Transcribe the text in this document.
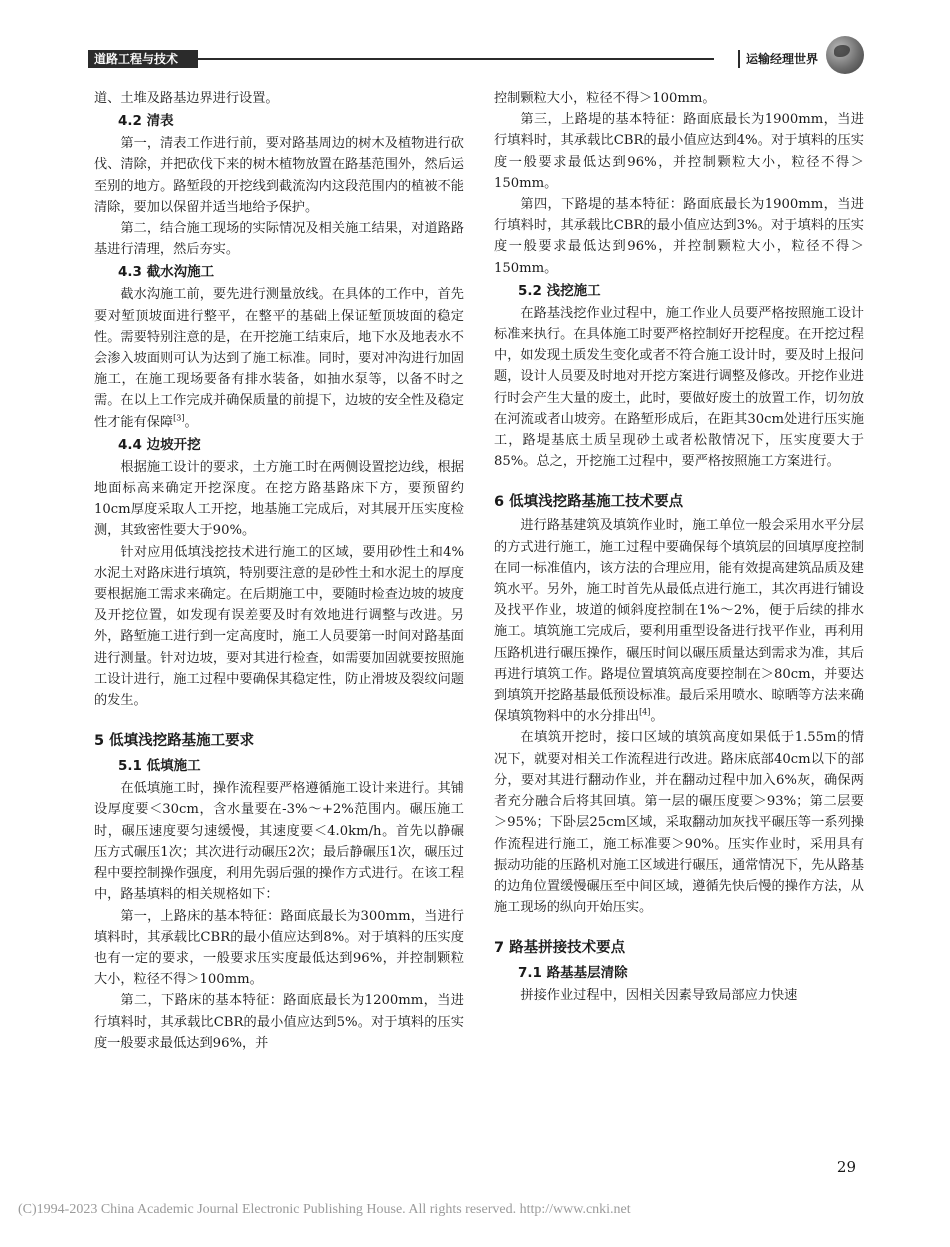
道路工程与技术	运输经理世界

道、土堆及路基边界进行设置。

4.2 清表

第一，清表工作进行前，要对路基周边的树木及植物进行砍伐、清除，并把砍伐下来的树木植物放置在路基范围外，然后运至别的地方。路堑段的开挖线到截流沟内这段范围内的植被不能清除，要加以保留并适当地给予保护。

第二，结合施工现场的实际情况及相关施工结果，对道路路基进行清理，然后夯实。

4.3 截水沟施工

截水沟施工前，要先进行测量放线。在具体的工作中，首先要对堑顶坡面进行整平，在整平的基础上保证堑顶坡面的稳定性。需要特别注意的是，在开挖施工结束后，地下水及地表水不会渗入坡面则可认为达到了施工标准。同时，要对冲沟进行加固施工，在施工现场要备有排水装备，如抽水泵等，以备不时之需。在以上工作完成并确保质量的前提下，边坡的安全性及稳定性才能有保障[3]。

4.4 边坡开挖

根据施工设计的要求，土方施工时在两侧设置挖边线，根据地面标高来确定开挖深度。在挖方路基路床下方，要预留约10cm厚度采取人工开挖，地基施工完成后，对其展开压实度检测，其致密性要大于90%。

针对应用低填浅挖技术进行施工的区域，要用砂性土和4%水泥土对路床进行填筑，特别要注意的是砂性土和水泥土的厚度要根据施工需求来确定。在后期施工中，要随时检查边坡的坡度及开挖位置，如发现有误差要及时有效地进行调整与改进。另外，路堑施工进行到一定高度时，施工人员要第一时间对路基面进行测量。针对边坡，要对其进行检查，如需要加固就要按照施工设计进行，施工过程中要确保其稳定性，防止滑坡及裂纹问题的发生。

5 低填浅挖路基施工要求
5.1 低填施工

在低填施工时，操作流程要严格遵循施工设计来进行。其铺设厚度要＜30cm，含水量要在-3%～+2%范围内。碾压施工时，碾压速度要匀速缓慢，其速度要＜4.0km/h。首先以静碾压方式碾压1次；其次进行动碾压2次；最后静碾压1次，碾压过程中要控制操作强度，利用先弱后强的操作方式进行。在该工程中，路基填料的相关规格如下：

第一，上路床的基本特征：路面底最长为300mm，当进行填料时，其承载比CBR的最小值应达到8%。对于填料的压实度也有一定的要求，一般要求压实度最低达到96%，并控制颗粒大小，粒径不得＞100mm。

第二，下路床的基本特征：路面底最长为1200mm，当进行填料时，其承载比CBR的最小值应达到5%。对于填料的压实度一般要求最低达到96%，并

控制颗粒大小，粒径不得＞100mm。

第三，上路堤的基本特征：路面底最长为1900mm，当进行填料时，其承载比CBR的最小值应达到4%。对于填料的压实度一般要求最低达到96%，并控制颗粒大小，粒径不得＞150mm。

第四，下路堤的基本特征：路面底最长为1900mm，当进行填料时，其承载比CBR的最小值应达到3%。对于填料的压实度一般要求最低达到96%，并控制颗粒大小，粒径不得＞150mm。

5.2 浅挖施工

在路基浅挖作业过程中，施工作业人员要严格按照施工设计标准来执行。在具体施工时要严格控制好开挖程度。在开挖过程中，如发现土质发生变化或者不符合施工设计时，要及时上报问题，设计人员要及时地对开挖方案进行调整及修改。开挖作业进行时会产生大量的废土，此时，要做好废土的放置工作，切勿放在河流或者山坡旁。在路堑形成后，在距其30cm处进行压实施工，路堤基底土质呈现砂土或者松散情况下，压实度要大于85%。总之，开挖施工过程中，要严格按照施工方案进行。

6 低填浅挖路基施工技术要点

进行路基建筑及填筑作业时，施工单位一般会采用水平分层的方式进行施工，施工过程中要确保每个填筑层的回填厚度控制在同一标准值内，该方法的合理应用，能有效提高建筑品质及建筑水平。另外，施工时首先从最低点进行施工，其次再进行铺设及找平作业，坡道的倾斜度控制在1%～2%，便于后续的排水施工。填筑施工完成后，要利用重型设备进行找平作业，再利用压路机进行碾压操作，碾压时间以碾压质量达到需求为准，其后再进行填筑工作。路堤位置填筑高度要控制在＞80cm，并要达到填筑开挖路基最低预设标准。最后采用喷水、晾晒等方法来确保填筑物料中的水分排出[4]。

在填筑开挖时，接口区域的填筑高度如果低于1.55m的情况下，就要对相关工作流程进行改进。路床底部40cm以下的部分，要对其进行翻动作业，并在翻动过程中加入6%灰，确保两者充分融合后将其回填。第一层的碾压度要＞93%；第二层要＞95%；下卧层25cm区域，采取翻动加灰找平碾压等一系列操作流程进行施工，施工标准要＞90%。压实作业时，采用具有振动功能的压路机对施工区域进行碾压，通常情况下，先从路基的边角位置缓慢碾压至中间区域，遵循先快后慢的操作方法，从施工现场的纵向开始压实。

7 路基拼接技术要点
7.1 路基基层清除

拼接作业过程中，因相关因素导致局部应力快速

29
(C)1994-2023 China Academic Journal Electronic Publishing House. All rights reserved. http://www.cnki.net
